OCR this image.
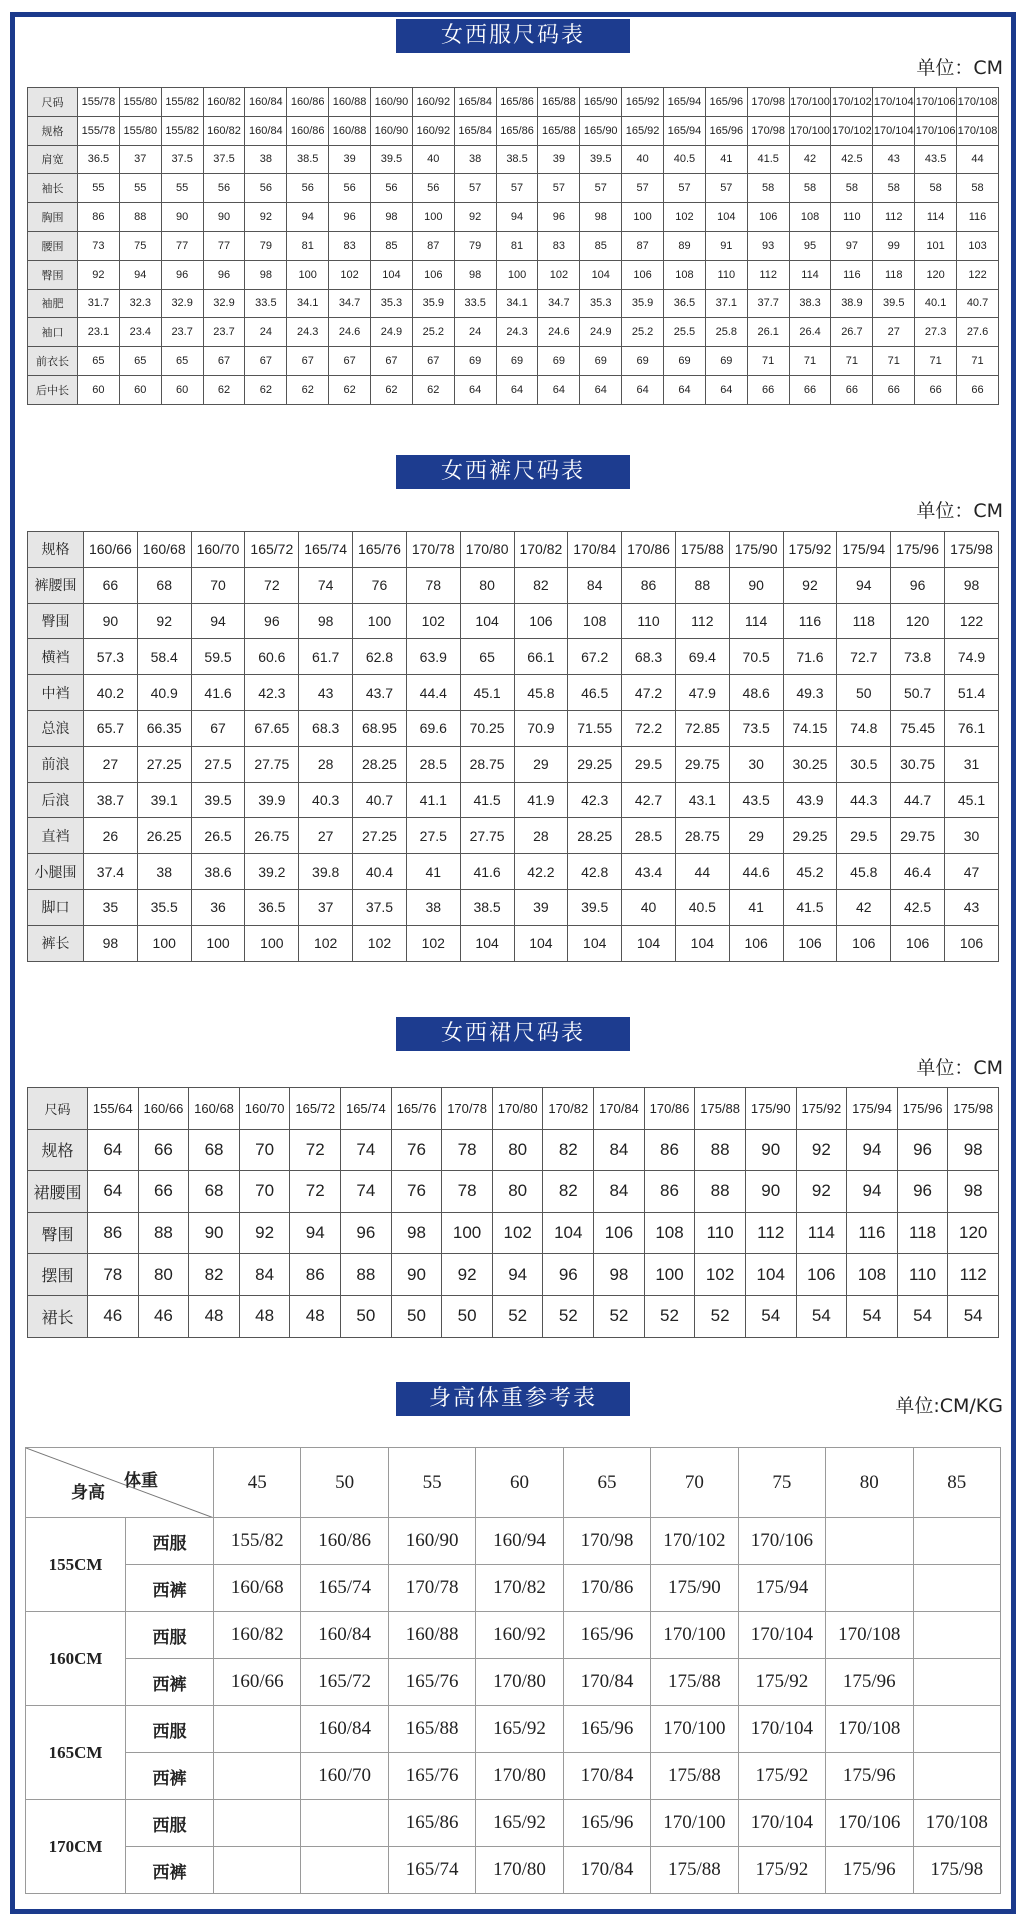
女西服尺码表
单位：CM
尺码	155/78	155/80	155/82	160/82	160/84	160/86	160/88	160/90	160/92	165/84	165/86	165/88	165/90	165/92	165/94	165/96	170/98	170/100	170/102	170/104	170/106	170/108
规格	155/78	155/80	155/82	160/82	160/84	160/86	160/88	160/90	160/92	165/84	165/86	165/88	165/90	165/92	165/94	165/96	170/98	170/100	170/102	170/104	170/106	170/108
肩宽	36.5	37	37.5	37.5	38	38.5	39	39.5	40	38	38.5	39	39.5	40	40.5	41	41.5	42	42.5	43	43.5	44
袖长	55	55	55	56	56	56	56	56	56	57	57	57	57	57	57	57	58	58	58	58	58	58
胸围	86	88	90	90	92	94	96	98	100	92	94	96	98	100	102	104	106	108	110	112	114	116
腰围	73	75	77	77	79	81	83	85	87	79	81	83	85	87	89	91	93	95	97	99	101	103
臀围	92	94	96	96	98	100	102	104	106	98	100	102	104	106	108	110	112	114	116	118	120	122
袖肥	31.7	32.3	32.9	32.9	33.5	34.1	34.7	35.3	35.9	33.5	34.1	34.7	35.3	35.9	36.5	37.1	37.7	38.3	38.9	39.5	40.1	40.7
袖口	23.1	23.4	23.7	23.7	24	24.3	24.6	24.9	25.2	24	24.3	24.6	24.9	25.2	25.5	25.8	26.1	26.4	26.7	27	27.3	27.6
前衣长	65	65	65	67	67	67	67	67	67	69	69	69	69	69	69	69	71	71	71	71	71	71
后中长	60	60	60	62	62	62	62	62	62	64	64	64	64	64	64	64	66	66	66	66	66	66
女西裤尺码表
单位：CM
规格	160/66	160/68	160/70	165/72	165/74	165/76	170/78	170/80	170/82	170/84	170/86	175/88	175/90	175/92	175/94	175/96	175/98
裤腰围	66	68	70	72	74	76	78	80	82	84	86	88	90	92	94	96	98
臀围	90	92	94	96	98	100	102	104	106	108	110	112	114	116	118	120	122
横裆	57.3	58.4	59.5	60.6	61.7	62.8	63.9	65	66.1	67.2	68.3	69.4	70.5	71.6	72.7	73.8	74.9
中裆	40.2	40.9	41.6	42.3	43	43.7	44.4	45.1	45.8	46.5	47.2	47.9	48.6	49.3	50	50.7	51.4
总浪	65.7	66.35	67	67.65	68.3	68.95	69.6	70.25	70.9	71.55	72.2	72.85	73.5	74.15	74.8	75.45	76.1
前浪	27	27.25	27.5	27.75	28	28.25	28.5	28.75	29	29.25	29.5	29.75	30	30.25	30.5	30.75	31
后浪	38.7	39.1	39.5	39.9	40.3	40.7	41.1	41.5	41.9	42.3	42.7	43.1	43.5	43.9	44.3	44.7	45.1
直裆	26	26.25	26.5	26.75	27	27.25	27.5	27.75	28	28.25	28.5	28.75	29	29.25	29.5	29.75	30
小腿围	37.4	38	38.6	39.2	39.8	40.4	41	41.6	42.2	42.8	43.4	44	44.6	45.2	45.8	46.4	47
脚口	35	35.5	36	36.5	37	37.5	38	38.5	39	39.5	40	40.5	41	41.5	42	42.5	43
裤长	98	100	100	100	102	102	102	104	104	104	104	104	106	106	106	106	106
女西裙尺码表
单位：CM
尺码	155/64	160/66	160/68	160/70	165/72	165/74	165/76	170/78	170/80	170/82	170/84	170/86	175/88	175/90	175/92	175/94	175/96	175/98
规格	64	66	68	70	72	74	76	78	80	82	84	86	88	90	92	94	96	98
裙腰围	64	66	68	70	72	74	76	78	80	82	84	86	88	90	92	94	96	98
臀围	86	88	90	92	94	96	98	100	102	104	106	108	110	112	114	116	118	120
摆围	78	80	82	84	86	88	90	92	94	96	98	100	102	104	106	108	110	112
裙长	46	46	48	48	48	50	50	50	52	52	52	52	52	54	54	54	54	54
身高体重参考表	单位:CM/KG
体重
身高		45	50	55	60	65	70	75	80	85
155CM	西服	155/82	160/86	160/90	160/94	170/98	170/102	170/106		
	西裤	160/68	165/74	170/78	170/82	170/86	175/90	175/94		
160CM	西服	160/82	160/84	160/88	160/92	165/96	170/100	170/104	170/108	
	西裤	160/66	165/72	165/76	170/80	170/84	175/88	175/92	175/96	
165CM	西服		160/84	165/88	165/92	165/96	170/100	170/104	170/108	
	西裤		160/70	165/76	170/80	170/84	175/88	175/92	175/96	
170CM	西服			165/86	165/92	165/96	170/100	170/104	170/106	170/108
	西裤			165/74	170/80	170/84	175/88	175/92	175/96	175/98
